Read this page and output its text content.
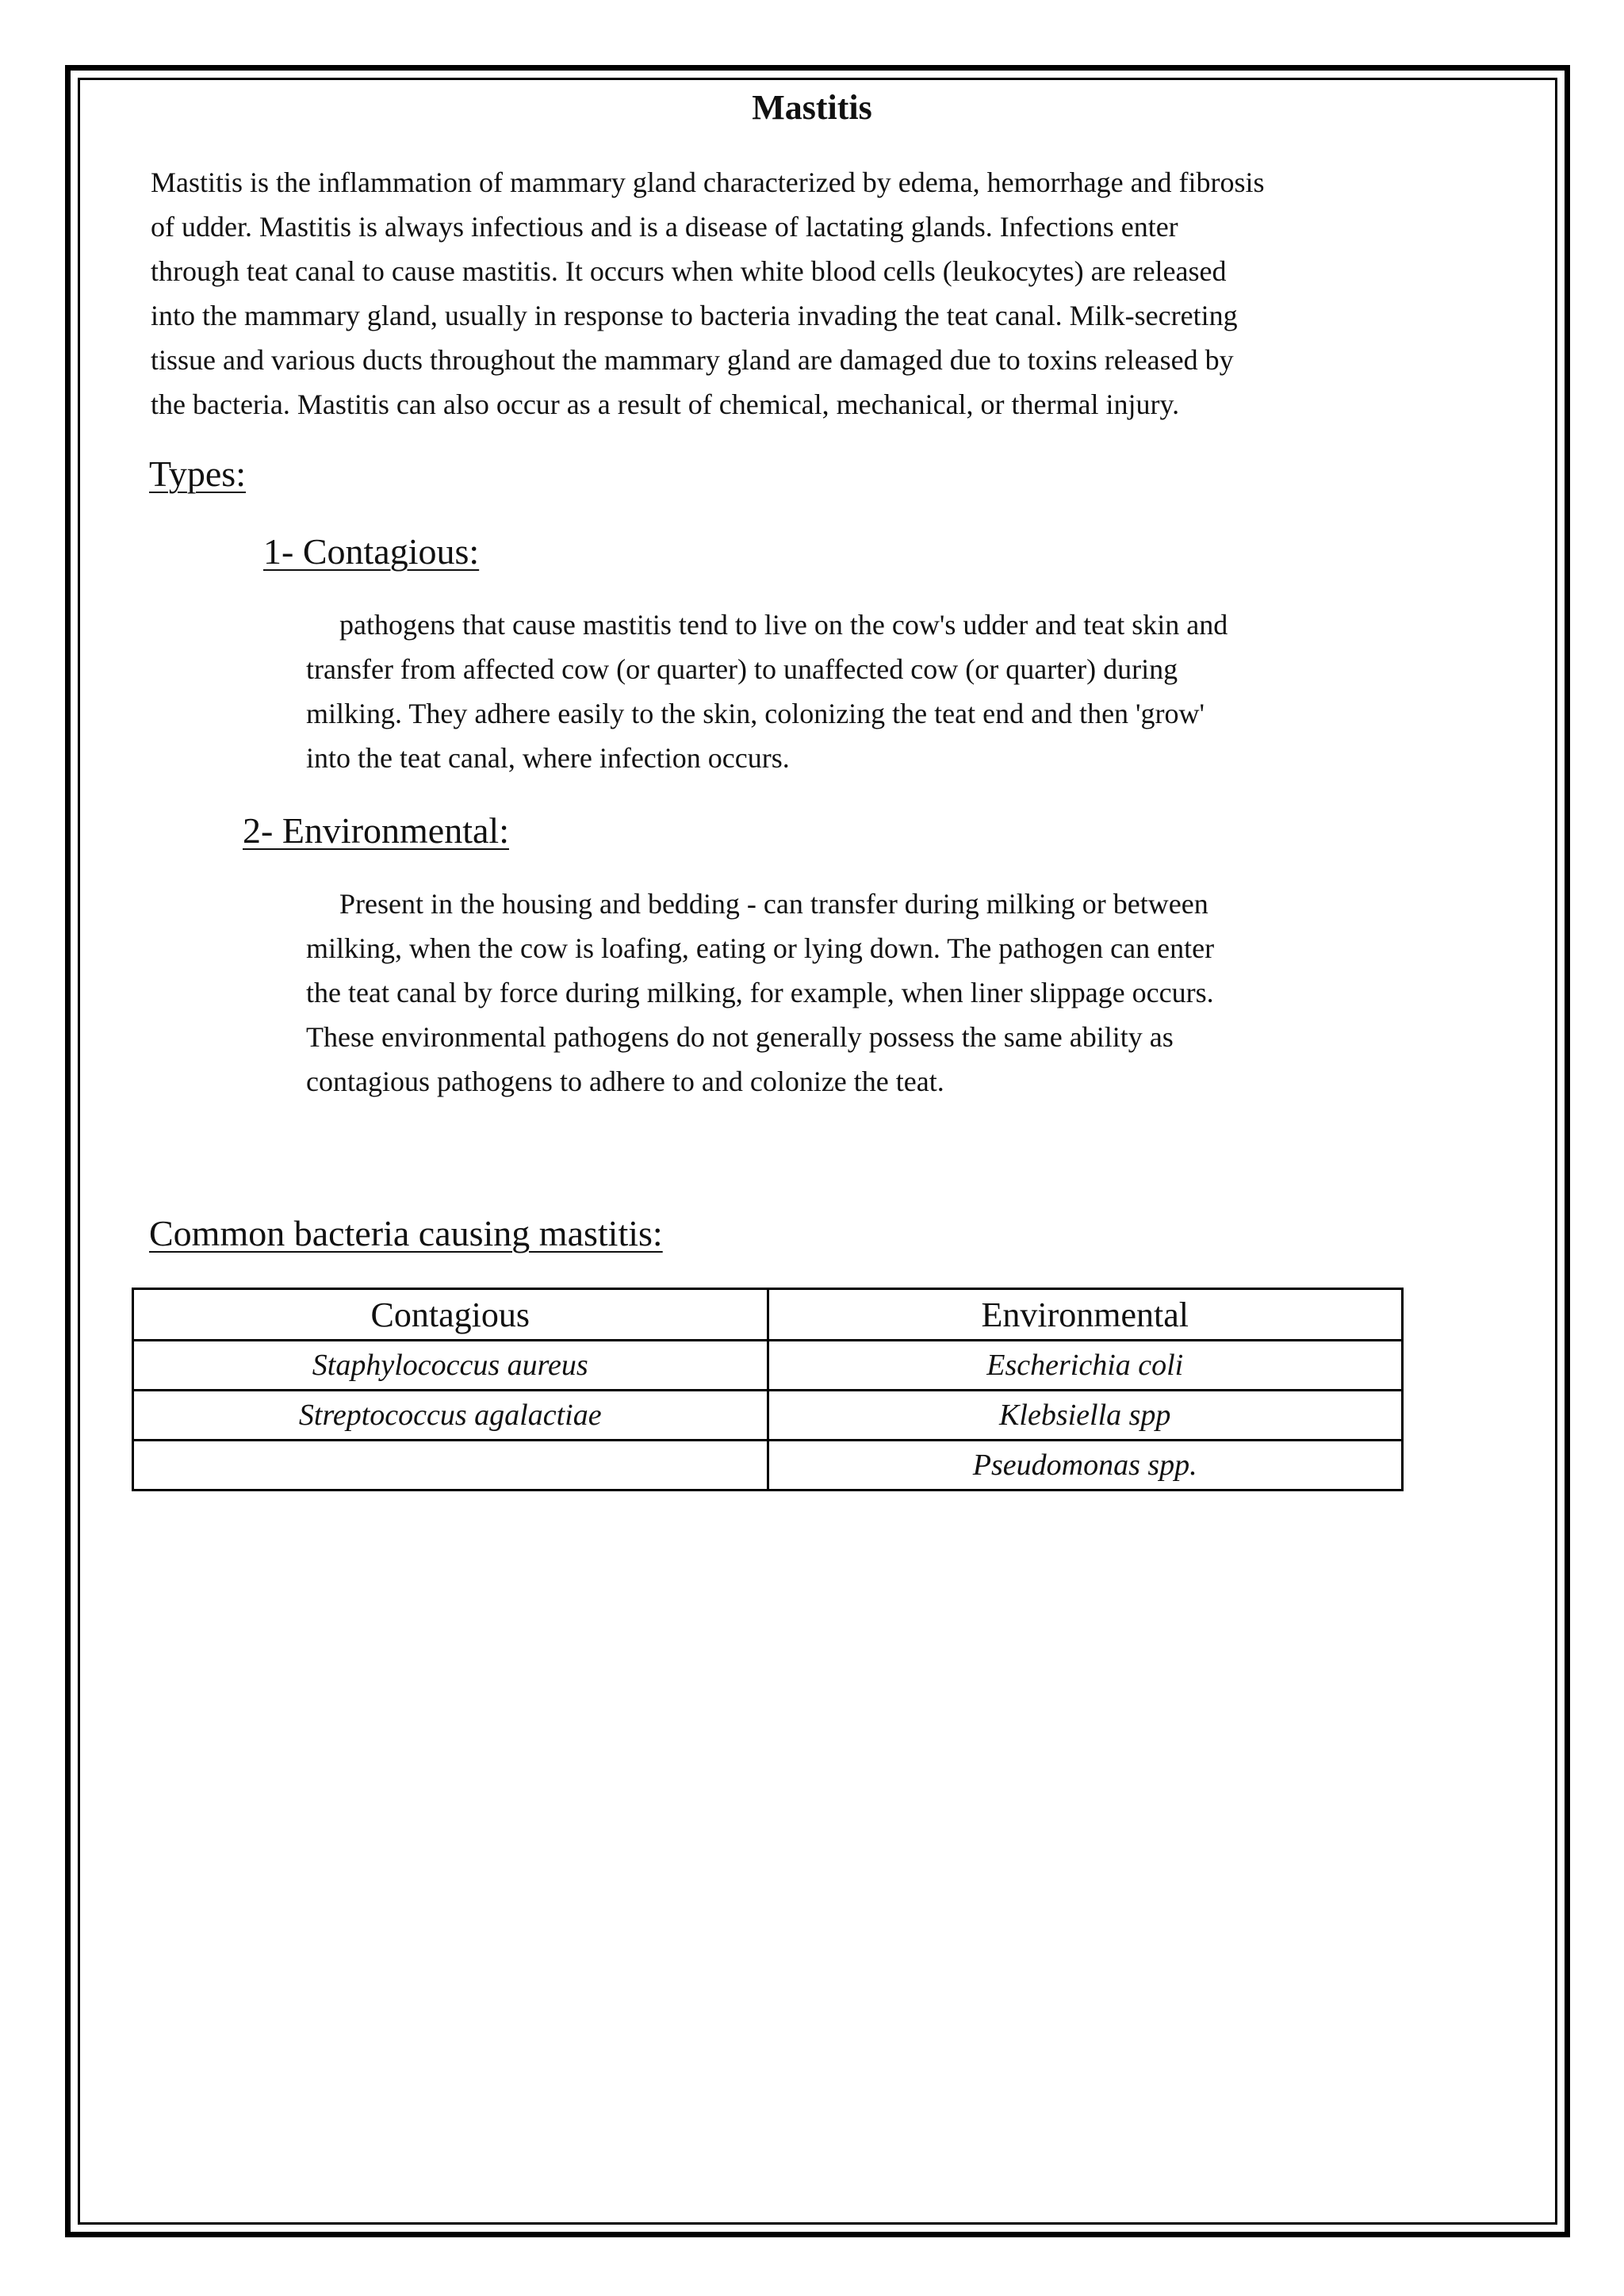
Mastitis
Mastitis is the inflammation of mammary gland characterized by edema, hemorrhage and fibrosis
of udder. Mastitis is always infectious and is a disease of lactating glands. Infections enter
through teat canal to cause mastitis. It occurs when white blood cells (leukocytes) are released
into the mammary gland, usually in response to bacteria invading the teat canal. Milk-secreting
tissue and various ducts throughout the mammary gland are damaged due to toxins released by
the bacteria. Mastitis can also occur as a result of chemical, mechanical, or thermal injury.
Types:
1- Contagious:
pathogens that cause mastitis tend to live on the cow's udder and teat skin and
transfer from affected cow (or quarter) to unaffected cow (or quarter) during
milking. They adhere easily to the skin, colonizing the teat end and then 'grow'
into the teat canal, where infection occurs.
2- Environmental:
Present in the housing and bedding - can transfer during milking or between
milking, when the cow is loafing, eating or lying down. The pathogen can enter
the teat canal by force during milking, for example, when liner slippage occurs.
These environmental pathogens do not generally possess the same ability as
contagious pathogens to adhere to and colonize the teat.
Common bacteria causing mastitis:
Contagious	Environmental
Staphylococcus aureus	Escherichia coli
Streptococcus agalactiae	Klebsiella spp
	Pseudomonas spp.
